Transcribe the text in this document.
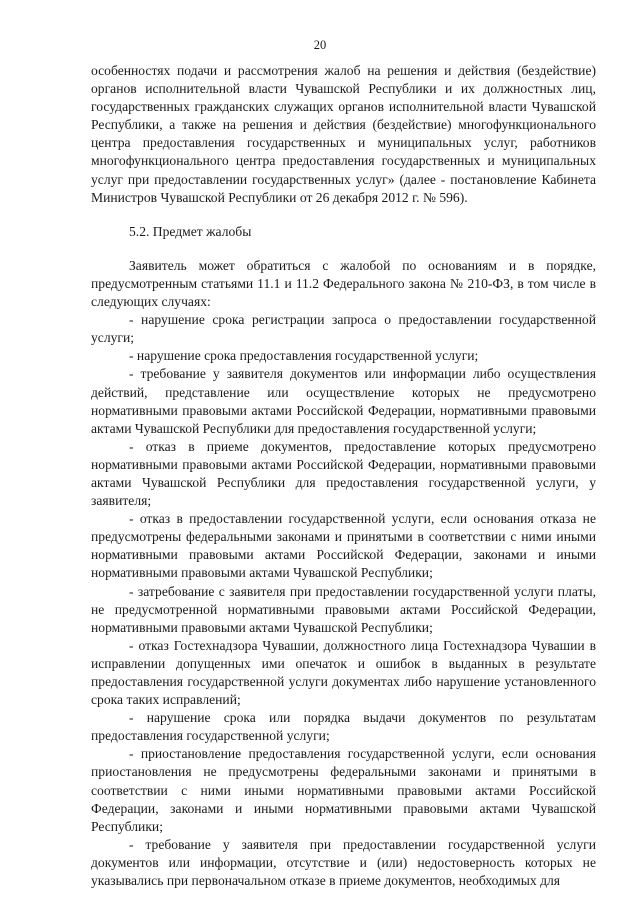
20

особенностях подачи и рассмотрения жалоб на решения и действия (бездействие) органов исполнительной власти Чувашской Республики и их должностных лиц, государственных гражданских служащих органов исполнительной власти Чувашской Республики, а также на решения и действия (бездействие) многофункционального центра предоставления государственных и муниципальных услуг, работников многофункционального центра предоставления государственных и муниципальных услуг при предоставлении государственных услуг» (далее - постановление Кабинета Министров Чувашской Республики от 26 декабря 2012 г. № 596).

5.2. Предмет жалобы

Заявитель может обратиться с жалобой по основаниям и в порядке, предусмотренным статьями 11.1 и 11.2 Федерального закона № 210-ФЗ, в том числе в следующих случаях:

- нарушение срока регистрации запроса о предоставлении государственной услуги;

- нарушение срока предоставления государственной услуги;

- требование у заявителя документов или информации либо осуществления действий, представление или осуществление которых не предусмотрено нормативными правовыми актами Российской Федерации, нормативными правовыми актами Чувашской Республики для предоставления государственной услуги;

- отказ в приеме документов, предоставление которых предусмотрено нормативными правовыми актами Российской Федерации, нормативными правовыми актами Чувашской Республики для предоставления государственной услуги, у заявителя;

- отказ в предоставлении государственной услуги, если основания отказа не предусмотрены федеральными законами и принятыми в соответствии с ними иными нормативными правовыми актами Российской Федерации, законами и иными нормативными правовыми актами Чувашской Республики;

- затребование с заявителя при предоставлении государственной услуги платы, не предусмотренной нормативными правовыми актами Российской Федерации, нормативными правовыми актами Чувашской Республики;

- отказ Гостехнадзора Чувашии, должностного лица Гостехнадзора Чувашии в исправлении допущенных ими опечаток и ошибок в выданных в результате предоставления государственной услуги документах либо нарушение установленного срока таких исправлений;

- нарушение срока или порядка выдачи документов по результатам предоставления государственной услуги;

- приостановление предоставления государственной услуги, если основания приостановления не предусмотрены федеральными законами и принятыми в соответствии с ними иными нормативными правовыми актами Российской Федерации, законами и иными нормативными правовыми актами Чувашской Республики;

- требование у заявителя при предоставлении государственной услуги документов или информации, отсутствие и (или) недостоверность которых не указывались при первоначальном отказе в приеме документов, необходимых для
